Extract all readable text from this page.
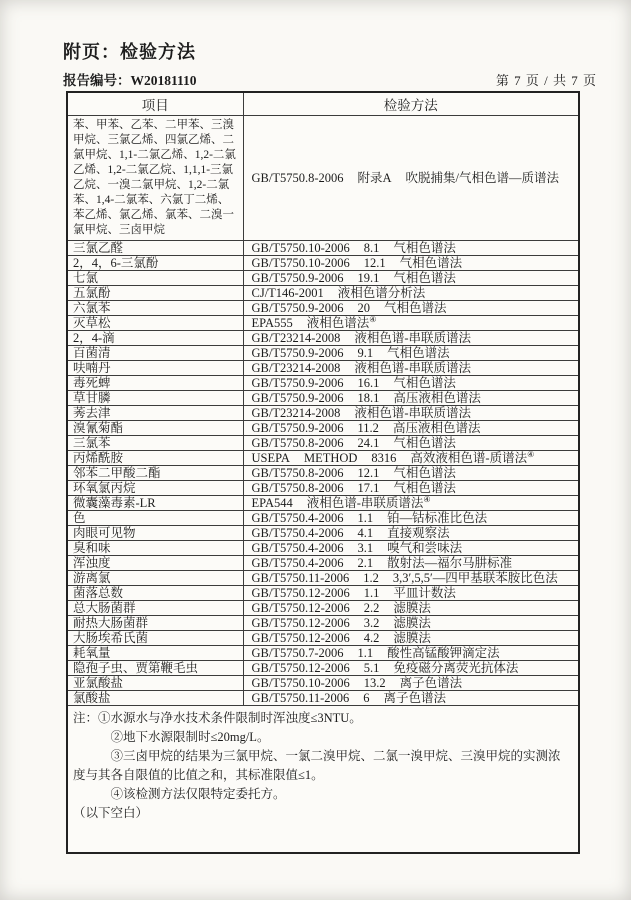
附页：检验方法
报告编号：W20181110	第 7 页 / 共 7 页
项目	检验方法
苯、甲苯、乙苯、二甲苯、三溴甲烷、三氯乙烯、四氯乙烯、二氯甲烷、1,1-二氯乙烯、1,2-二氯乙烯、1,2-二氯乙烷、1,1,1-三氯乙烷、一溴二氯甲烷、1,2-二氯苯、1,4-二氯苯、六氯丁二烯、苯乙烯、氯乙烯、氯苯、二溴一氯甲烷、三卤甲烷	GB/T5750.8-2006 附录A 吹脱捕集/气相色谱—质谱法
三氯乙醛	GB/T5750.10-2006 8.1 气相色谱法
2，4，6-三氯酚	GB/T5750.10-2006 12.1 气相色谱法
七氯	GB/T5750.9-2006 19.1 气相色谱法
五氯酚	CJ/T146-2001 液相色谱分析法
六氯苯	GB/T5750.9-2006 20 气相色谱法
灭草松	EPA555 液相色谱法④
2，4-滴	GB/T23214-2008 液相色谱-串联质谱法
百菌清	GB/T5750.9-2006 9.1 气相色谱法
呋喃丹	GB/T23214-2008 液相色谱-串联质谱法
毒死蜱	GB/T5750.9-2006 16.1 气相色谱法
草甘膦	GB/T5750.9-2006 18.1 高压液相色谱法
莠去津	GB/T23214-2008 液相色谱-串联质谱法
溴氰菊酯	GB/T5750.9-2006 11.2 高压液相色谱法
三氯苯	GB/T5750.8-2006 24.1 气相色谱法
丙烯酰胺	USEPA METHOD 8316 高效液相色谱-质谱法④
邻苯二甲酸二酯	GB/T5750.8-2006 12.1 气相色谱法
环氧氯丙烷	GB/T5750.8-2006 17.1 气相色谱法
微囊藻毒素-LR	EPA544 液相色谱-串联质谱法④
色	GB/T5750.4-2006 1.1 铂—钴标准比色法
肉眼可见物	GB/T5750.4-2006 4.1 直接观察法
臭和味	GB/T5750.4-2006 3.1 嗅气和尝味法
浑浊度	GB/T5750.4-2006 2.1 散射法—福尔马肼标准
游离氯	GB/T5750.11-2006 1.2 3,3′,5,5′—四甲基联苯胺比色法
菌落总数	GB/T5750.12-2006 1.1 平皿计数法
总大肠菌群	GB/T5750.12-2006 2.2 滤膜法
耐热大肠菌群	GB/T5750.12-2006 3.2 滤膜法
大肠埃希氏菌	GB/T5750.12-2006 4.2 滤膜法
耗氧量	GB/T5750.7-2006 1.1 酸性高锰酸钾滴定法
隐孢子虫、贾第鞭毛虫	GB/T5750.12-2006 5.1 免疫磁分离荧光抗体法
亚氯酸盐	GB/T5750.10-2006 13.2 离子色谱法
氯酸盐	GB/T5750.11-2006 6 离子色谱法

注：①水源水与净水技术条件限制时浑浊度≤3NTU。

②地下水源限制时≤20mg/L。

③三卤甲烷的结果为三氯甲烷、一氯二溴甲烷、二氯一溴甲烷、三溴甲烷的实测浓度与其各自限值的比值之和，其标准限值≤1。

④该检测方法仅限特定委托方。

（以下空白）	
